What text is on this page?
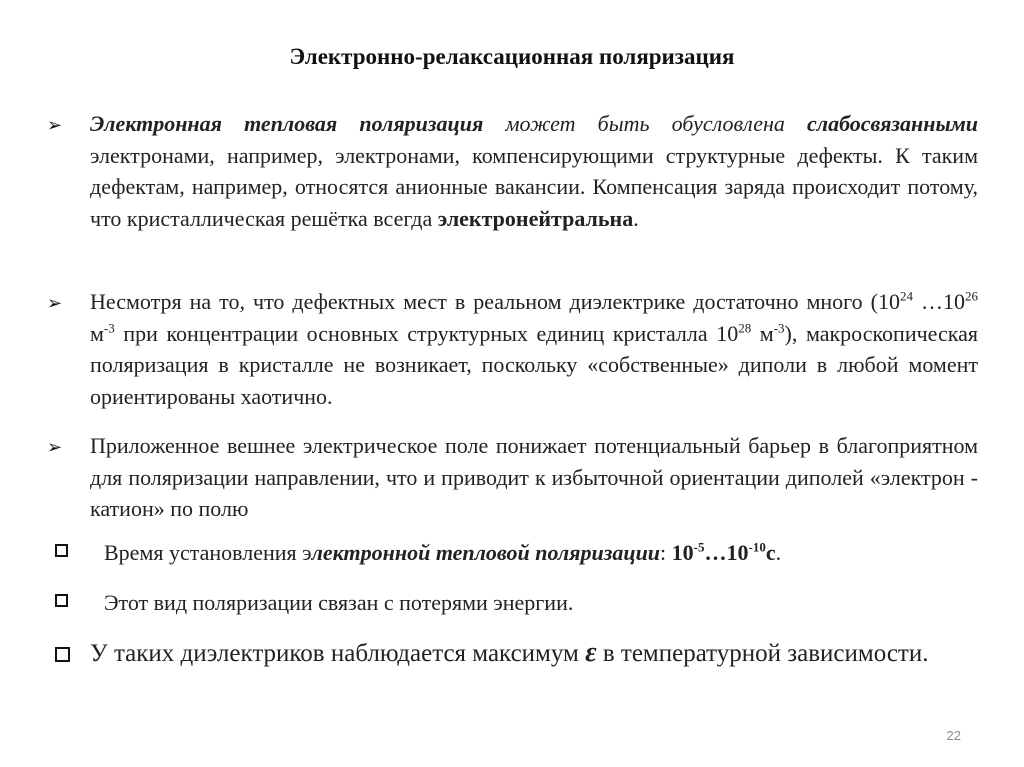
Электронно-релаксационная поляризация
➢ Электронная тепловая поляризация может быть обусловлена слабосвязанными электронами, например, электронами, компенсирующими структурные дефекты. К таким дефектам, например, относятся анионные вакансии. Компенсация заряда происходит потому, что кристаллическая решётка всегда электронейтральна.
➢ Несмотря на то, что дефектных мест в реальном диэлектрике достаточно много ($10^{24}$ $\dots 10^{26}$ $м^{-3}$ при концентрации основных структурных единиц кристалла $10^{28}$ $м^{-3}$), макроскопическая поляризация в кристалле не возникает, поскольку «собственные» диполи в любой момент ориентированы хаотично.
➢ Приложенное вешнее электрическое поле понижает потенциальный барьер в благоприятном для поляризации направлении, что и приводит к избыточной ориентации диполей «электрон - катион» по полю
Время установления электронной тепловой поляризации: $10^{-5}\dots 10^{-10}с$.
Этот вид поляризации связан с потерями энергии.
У таких диэлектриков наблюдается максимум ε в температурной зависимости.
22
